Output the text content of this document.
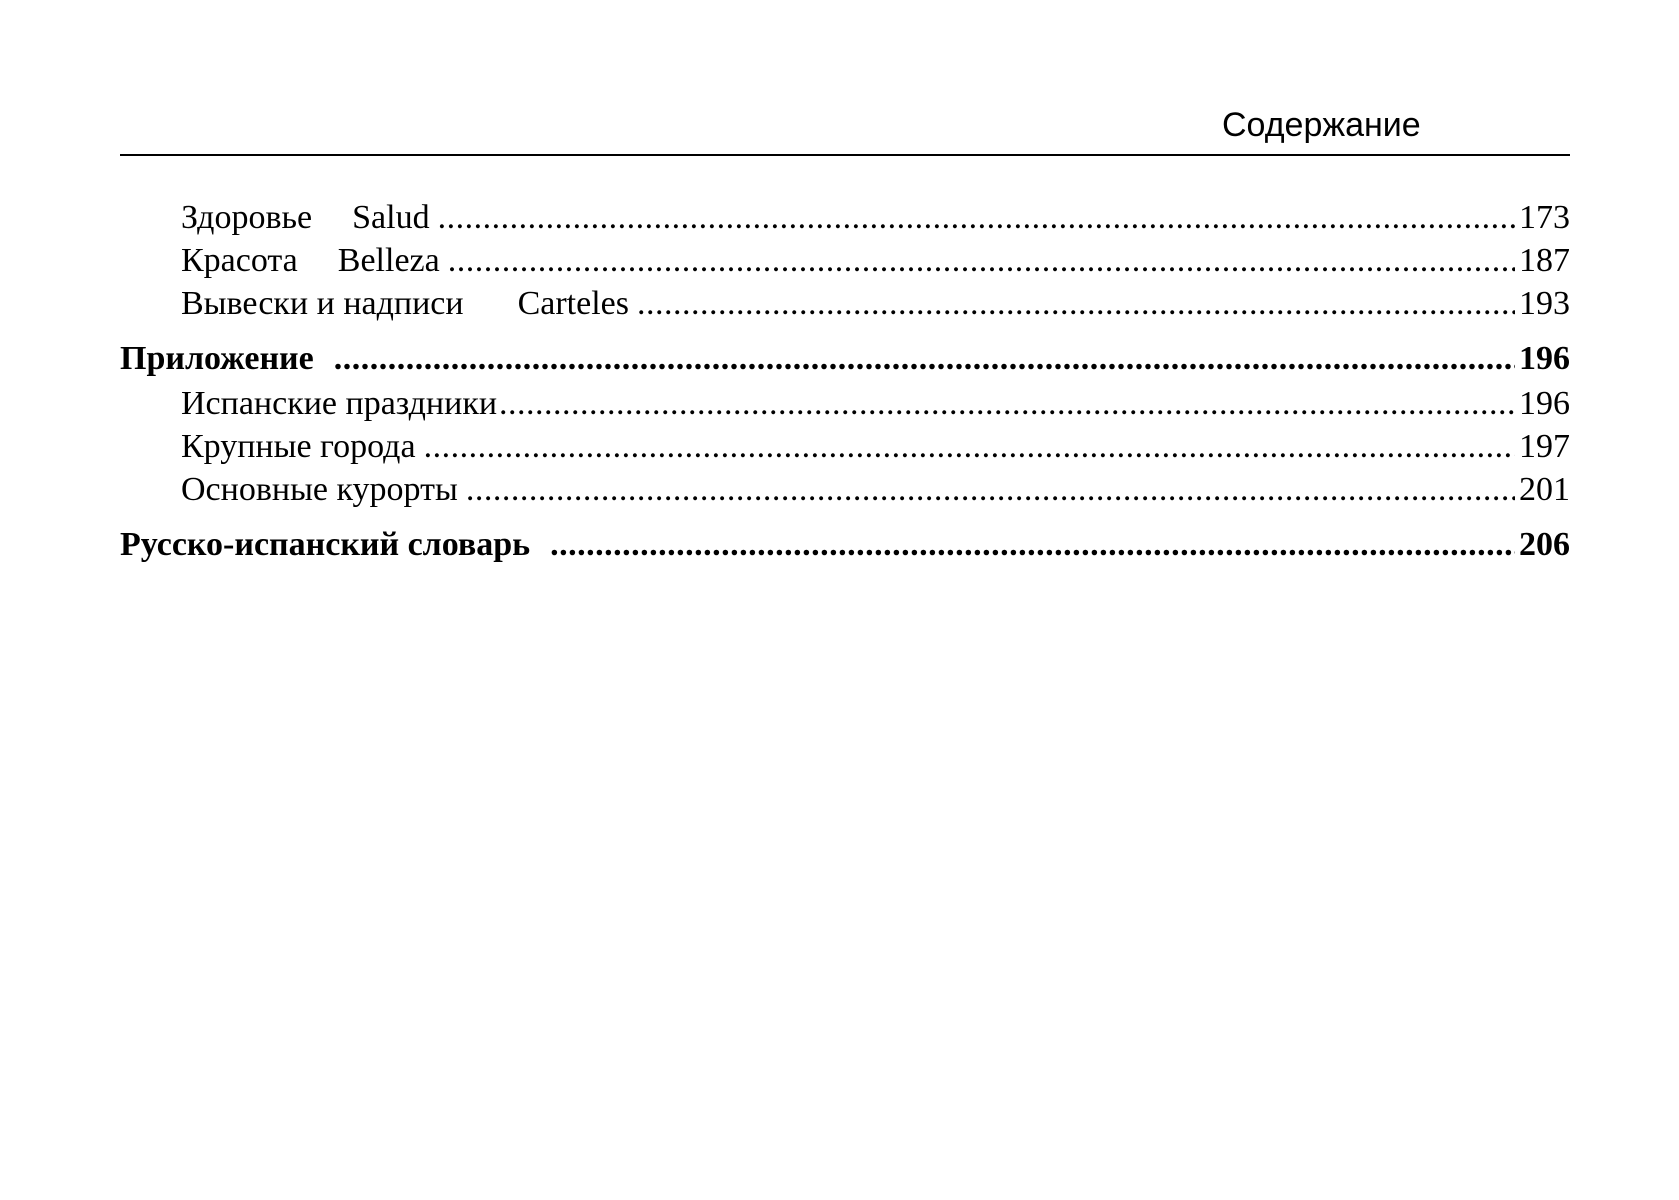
Содержание
Здоровье Salud .....	173
Красота Belleza .....	187
Вывески и надписи Carteles .....	193
Приложение .....	196
Испанские праздники .....	196
Крупные города .....	197
Основные курорты .....	201
Русско-испанский словарь .....	206
